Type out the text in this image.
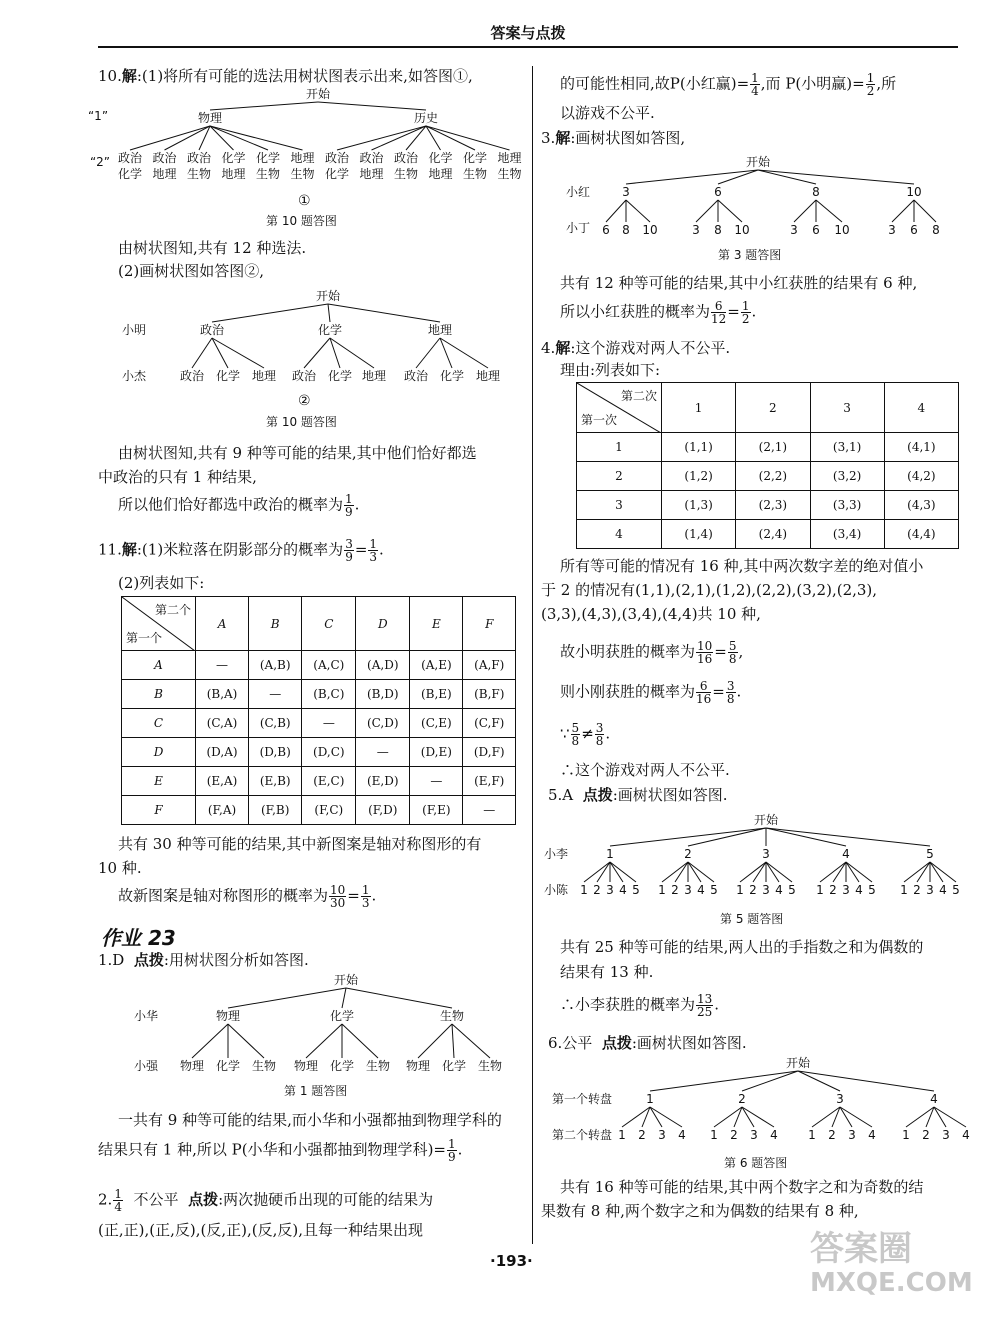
答案与点拨
10.解:(1)将所有可能的选法用树状图表示出来,如答图①,
“1”
“2”
开始
物理	历史
政治
化学
政治
地理
政治
生物
化学
地理
化学
生物
地理
生物
政治
化学
政治
地理
政治
生物
化学
地理
化学
生物
地理
生物
①
第 10 题答图
由树状图知,共有 12 种选法.
(2)画树状图如答图②,
小明
小杰
开始
政治	化学	地理
政治 化学 地理 政治 化学 地理 政治 化学 地理
②
第 10 题答图
由树状图知,共有 9 种等可能的结果,其中他们恰好都选
中政治的只有 1 种结果,
所以他们恰好都选中政治的概率为 $\frac{1}{9}$ .
11.解:(1)米粒落在阴影部分的概率为 $\frac{3}{9} = \frac{1}{3}$ .
(2)列表如下:
第二个
第一个	A	B	C	D	E	F
A	—	(A,B)	(A,C)	(A,D)	(A,E)	(A,F)
B	(B,A)	—	(B,C)	(B,D)	(B,E)	(B,F)
C	(C,A)	(C,B)	—	(C,D)	(C,E)	(C,F)
D	(D,A)	(D,B)	(D,C)	—	(D,E)	(D,F)
E	(E,A)	(E,B)	(E,C)	(E,D)	—	(E,F)
F	(F,A)	(F,B)	(F,C)	(F,D)	(F,E)	—
共有 30 种等可能的结果,其中新图案是轴对称图形的有
10 种.
故新图案是轴对称图形的概率为 $\frac{10}{30} = \frac{1}{3}$ .
作业 23
1.D 点拨:用树状图分析如答图.
小华
小强
开始
物理	化学	生物
物理 化学 生物 物理 化学 生物 物理 化学 生物
第 1 题答图
一共有 9 种等可能的结果,而小华和小强都抽到物理学科的
结果只有 1 种,所以 P(小华和小强都抽到物理学科)= $\frac{1}{9}$ .
2. $\frac{1}{4}$ 不公平 点拨:两次抛硬币出现的可能的结果为
(正,正),(正,反),(反,正),(反,反),且每一种结果出现
的可能性相同,故P(小红赢)= $\frac{1}{4}$ ,而 P(小明赢)= $\frac{1}{2}$ ,所
以游戏不公平.
3.解:画树状图如答图,
小红
小丁
开始
3	6	8	10
6 8 10	3 8 10	3 6 10	3 6 8
第 3 题答图
共有 12 种等可能的结果,其中小红获胜的结果有 6 种,
所以小红获胜的概率为 $\frac{6}{12} = \frac{1}{2}$ .
4.解:这个游戏对两人不公平.
理由:列表如下:
第二次
第一次	1	2	3	4
1	(1,1)	(2,1)	(3,1)	(4,1)
2	(1,2)	(2,2)	(3,2)	(4,2)
3	(1,3)	(2,3)	(3,3)	(4,3)
4	(1,4)	(2,4)	(3,4)	(4,4)
所有等可能的情况有 16 种,其中两次数字差的绝对值小
于 2 的情况有(1,1),(2,1),(1,2),(2,2),(3,2),(2,3),
(3,3),(4,3),(3,4),(4,4)共 10 种,
故小明获胜的概率为 $\frac{10}{16} = \frac{5}{8}$ ,
则小刚获胜的概率为 $\frac{6}{16} = \frac{3}{8}$ .
∵ $\frac{5}{8} \ne \frac{3}{8}$ .
∴这个游戏对两人不公平.
5.A 点拨:画树状图如答图.
小李
小陈
开始
1	2	3	4	5
1 2 3 4 5 1 2 3 4 5 1 2 3 4 5 1 2 3 4 5 1 2 3 4 5
第 5 题答图
共有 25 种等可能的结果,两人出的手指数之和为偶数的
结果有 13 种.
∴小李获胜的概率为 $\frac{13}{25}$ .
6.公平 点拨:画树状图如答图.
第一个转盘
第二个转盘
开始
1	2	3	4
1 2 3 4 1 2 3 4	1 2 3 4 1 2 3 4
第 6 题答图
共有 16 种等可能的结果,其中两个数字之和为奇数的结
果数有 8 种,两个数字之和为偶数的结果有 8 种,
·193·	答案圈
MXQE.COM
